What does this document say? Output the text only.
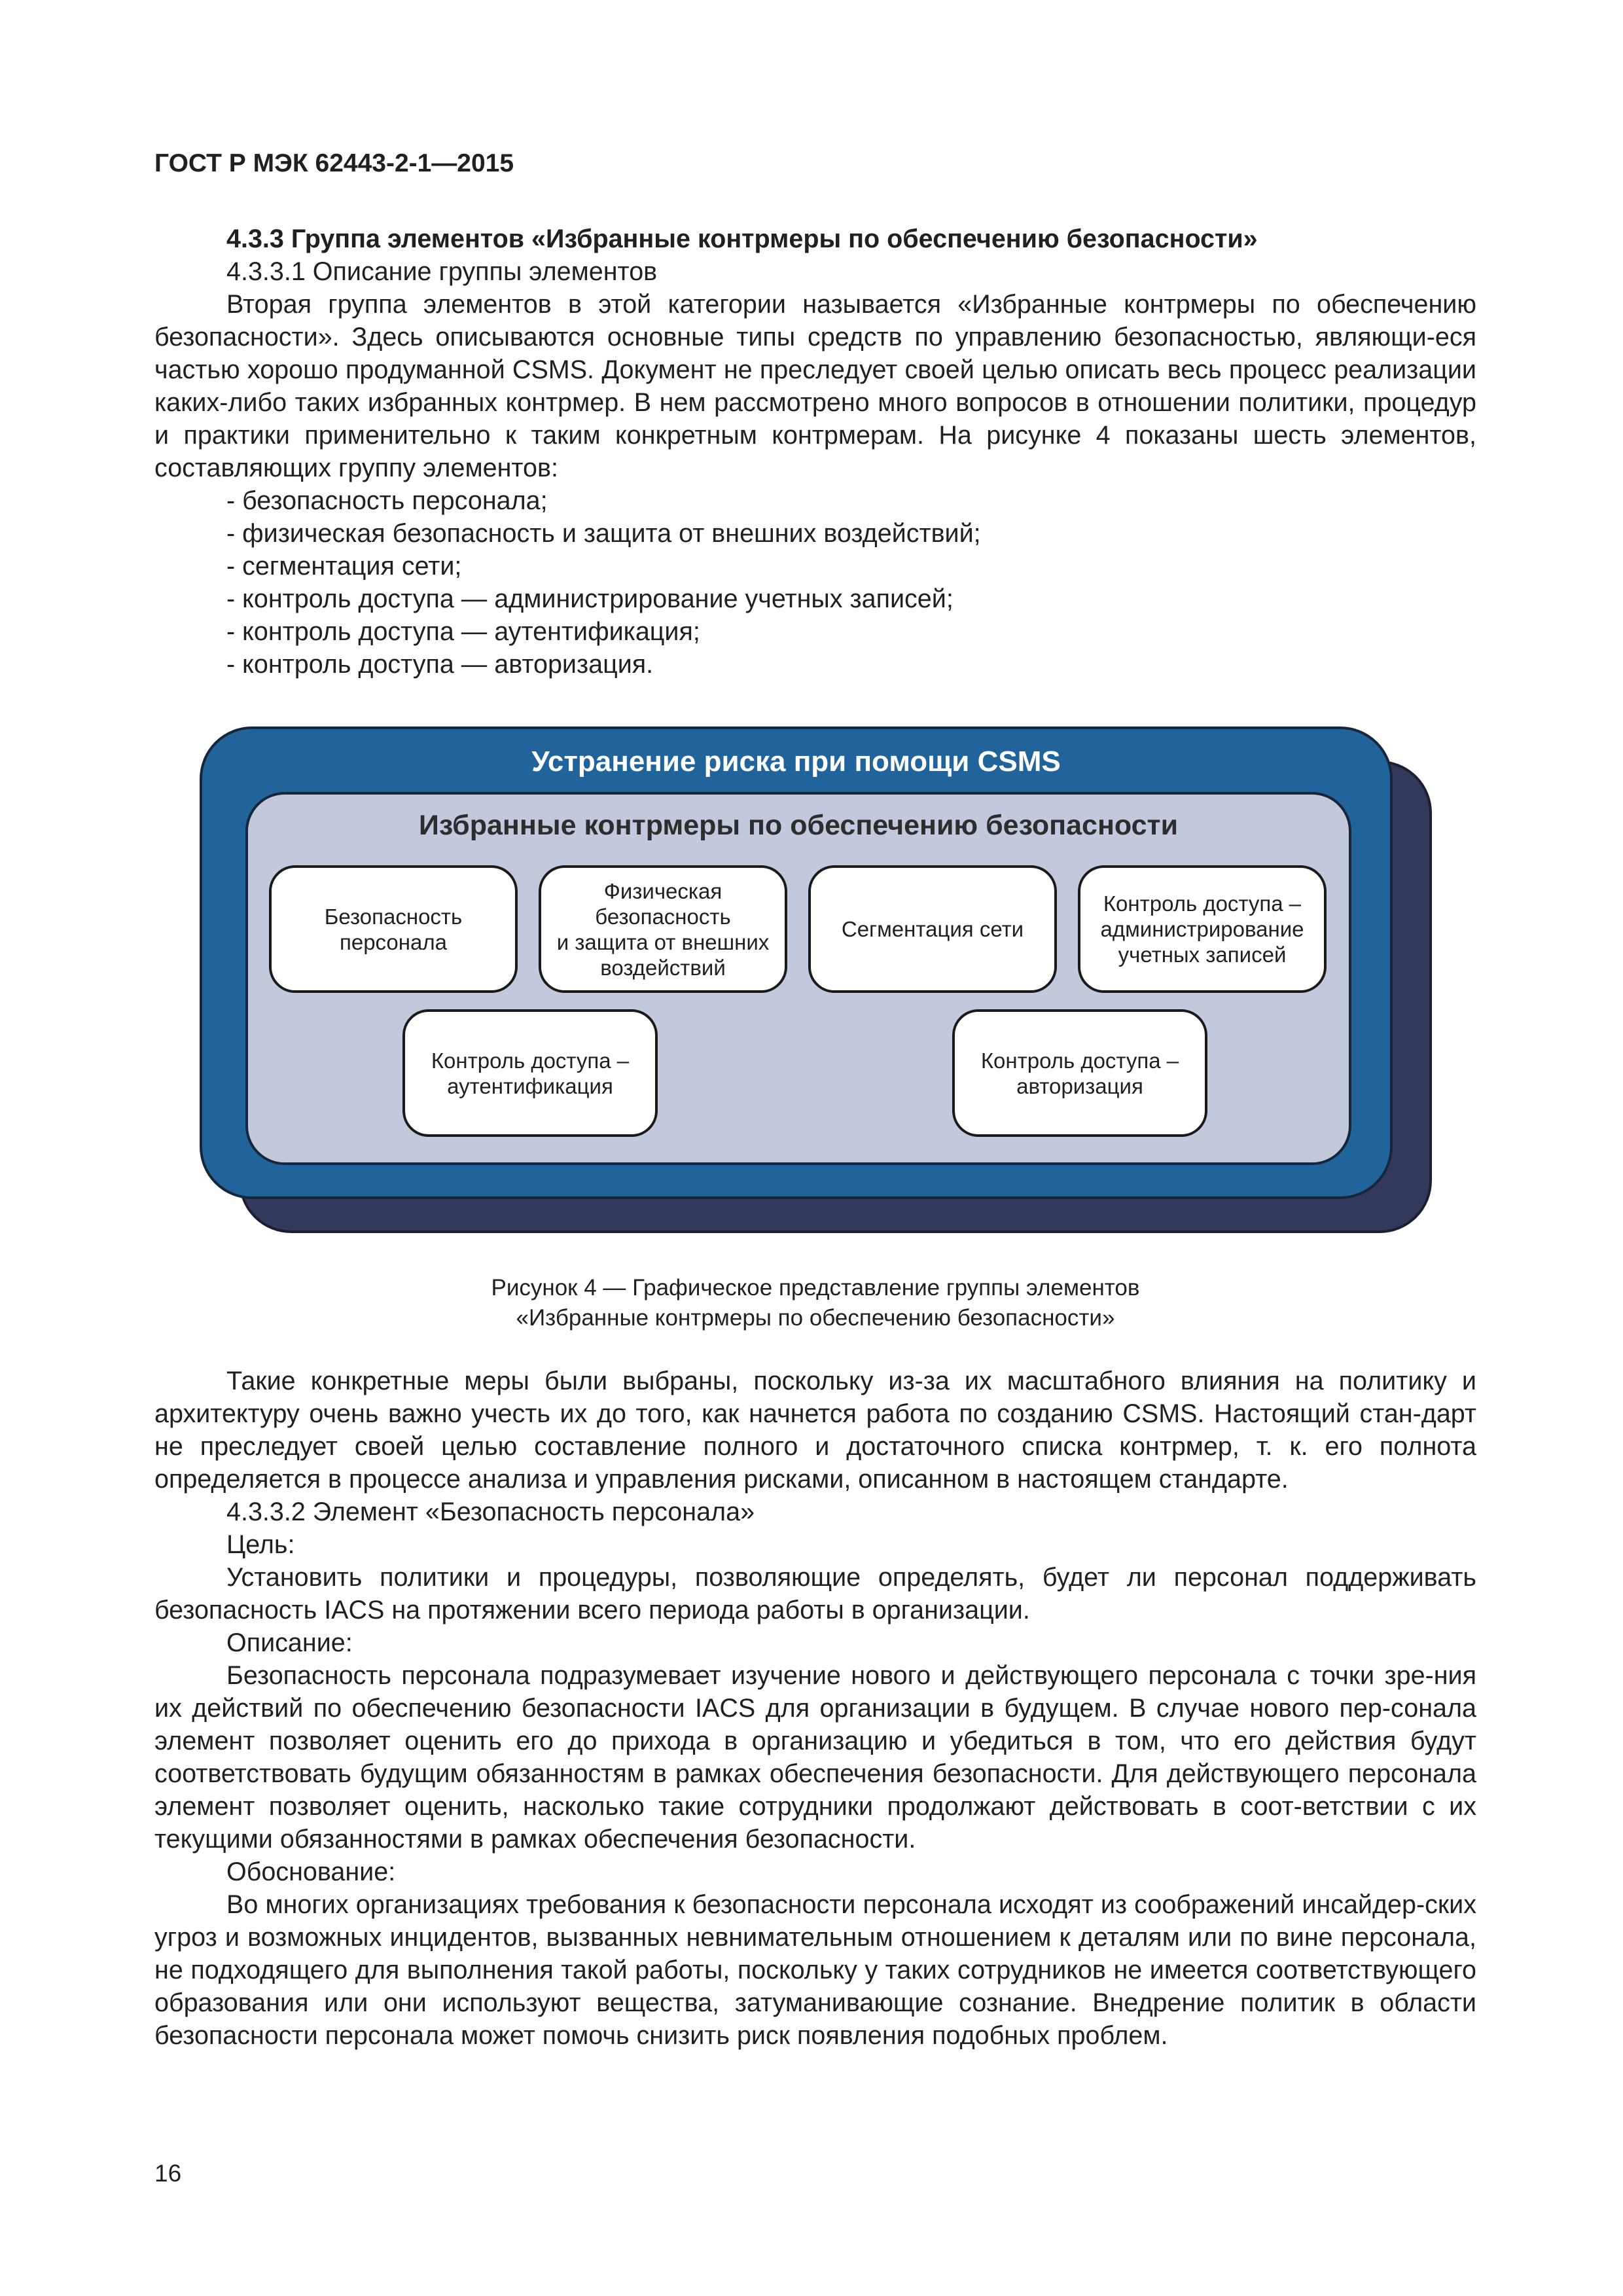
ГОСТ Р МЭК 62443-2-1—2015

4.3.3 Группа элементов «Избранные контрмеры по обеспечению безопасности»

4.3.3.1 Описание группы элементов

Вторая группа элементов в этой категории называется «Избранные контрмеры по обеспечению безопасности». Здесь описываются основные типы средств по управлению безопасностью, являющи-еся частью хорошо продуманной CSMS. Документ не преследует своей целью описать весь процесс реализации каких-либо таких избранных контрмер. В нем рассмотрено много вопросов в отношении политики, процедур и практики применительно к таким конкретным контрмерам. На рисунке 4 показаны шесть элементов, составляющих группу элементов:

- безопасность персонала;
- физическая безопасность и защита от внешних воздействий;
- сегментация сети;
- контроль доступа — администрирование учетных записей;
- контроль доступа — аутентификация;
- контроль доступа — авторизация.
Устранение риска при помощи CSMS
Избранные контрмеры по обеспечению безопасности
Безопасность
персонала
Физическая
безопасность
и защита от внешних
воздействий
Сегментация сети
Контроль доступа –
администрирование
учетных записей
Контроль доступа –
аутентификация
Контроль доступа –
авторизация
Рисунок 4 — Графическое представление группы элементов
«Избранные контрмеры по обеспечению безопасности»

Такие конкретные меры были выбраны, поскольку из-за их масштабного влияния на политику и архитектуру очень важно учесть их до того, как начнется работа по созданию CSMS. Настоящий стан-дарт не преследует своей целью составление полного и достаточного списка контрмер, т. к. его полнота определяется в процессе анализа и управления рисками, описанном в настоящем стандарте.

4.3.3.2 Элемент «Безопасность персонала»

Цель:

Установить политики и процедуры, позволяющие определять, будет ли персонал поддерживать безопасность IACS на протяжении всего периода работы в организации.

Описание:

Безопасность персонала подразумевает изучение нового и действующего персонала с точки зре-ния их действий по обеспечению безопасности IACS для организации в будущем. В случае нового пер-сонала элемент позволяет оценить его до прихода в организацию и убедиться в том, что его действия будут соответствовать будущим обязанностям в рамках обеспечения безопасности. Для действующего персонала элемент позволяет оценить, насколько такие сотрудники продолжают действовать в соот-ветствии с их текущими обязанностями в рамках обеспечения безопасности.

Обоснование:

Во многих организациях требования к безопасности персонала исходят из соображений инсайдер-ских угроз и возможных инцидентов, вызванных невнимательным отношением к деталям или по вине персонала, не подходящего для выполнения такой работы, поскольку у таких сотрудников не имеется соответствующего образования или они используют вещества, затуманивающие сознание. Внедрение политик в области безопасности персонала может помочь снизить риск появления подобных проблем.

16
